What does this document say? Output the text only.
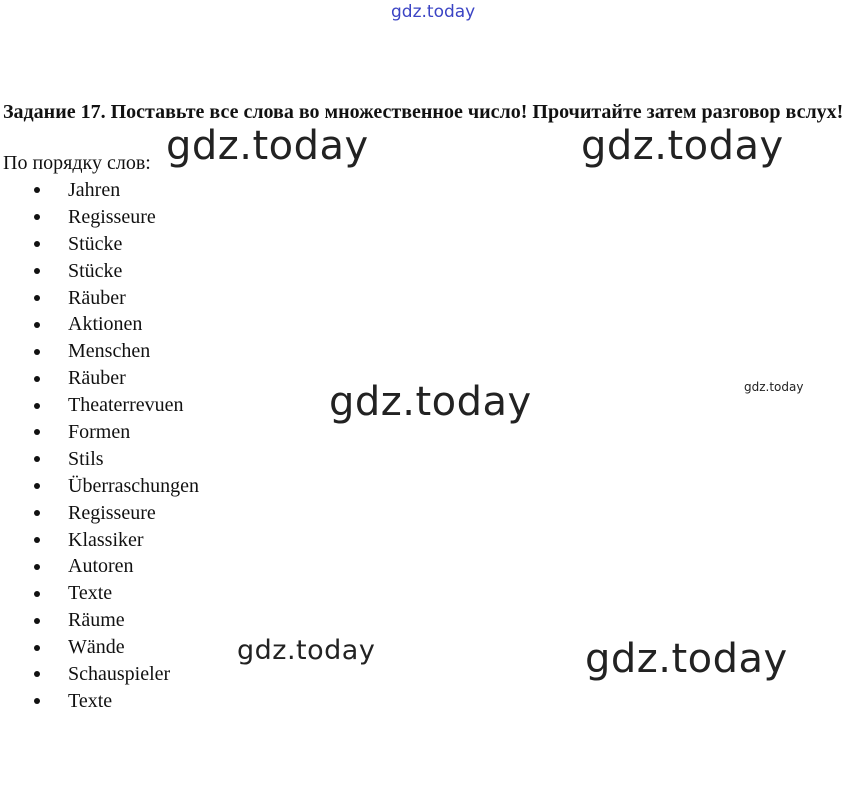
gdz.today
Задание 17. Поставьте все слова во множественное число! Прочитайте затем разговор вслух!
По порядку слов:
Jahren
Regisseure
Stücke
Stücke
Räuber
Aktionen
Menschen
Räuber
Theaterrevuen
Formen
Stils
Überraschungen
Regisseure
Klassiker
Autoren
Texte
Räume
Wände
Schauspieler
Texte
gdz.today	gdz.today
gdz.today	gdz.today
gdz.today	gdz.today
